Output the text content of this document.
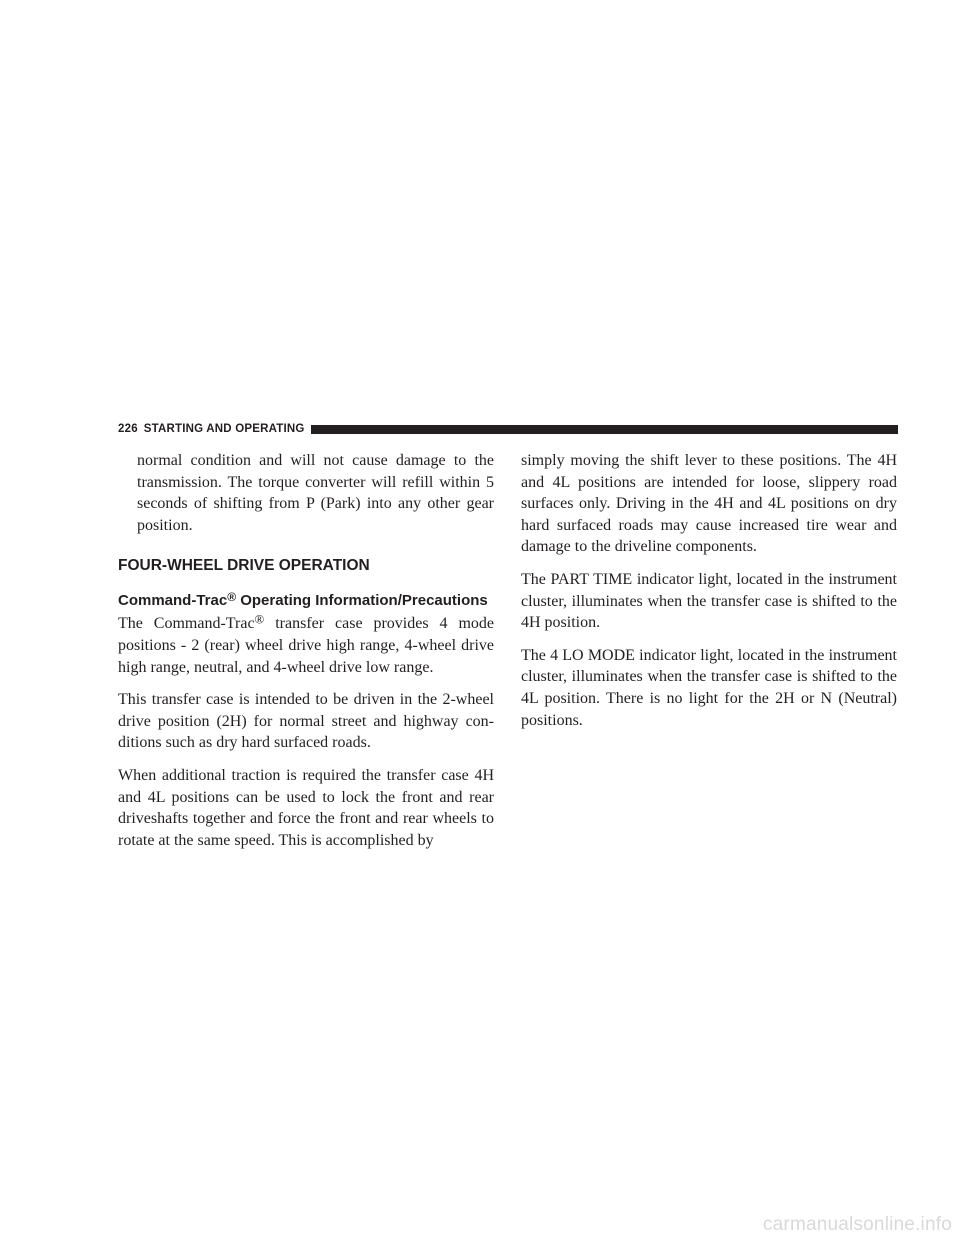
226 STARTING AND OPERATING

normal condition and will not cause damage to the transmission. The torque converter will refill within 5 seconds of shifting from P (Park) into any other gear position.

FOUR-WHEEL DRIVE OPERATION
Command-Trac® Operating Information/Precautions

The Command-Trac® transfer case provides 4 mode positions - 2 (rear) wheel drive high range, 4-wheel drive high range, neutral, and 4-wheel drive low range.

This transfer case is intended to be driven in the 2-wheel drive position (2H) for normal street and highway conditions such as dry hard surfaced roads.

When additional traction is required the transfer case 4H and 4L positions can be used to lock the front and rear driveshafts together and force the front and rear wheels to rotate at the same speed. This is accomplished by

simply moving the shift lever to these positions. The 4H and 4L positions are intended for loose, slippery road surfaces only. Driving in the 4H and 4L positions on dry hard surfaced roads may cause increased tire wear and damage to the driveline components.

The PART TIME indicator light, located in the instrument cluster, illuminates when the transfer case is shifted to the 4H position.

The 4 LO MODE indicator light, located in the instrument cluster, illuminates when the transfer case is shifted to the 4L position. There is no light for the 2H or N (Neutral) positions.

carmanualsonline.info
